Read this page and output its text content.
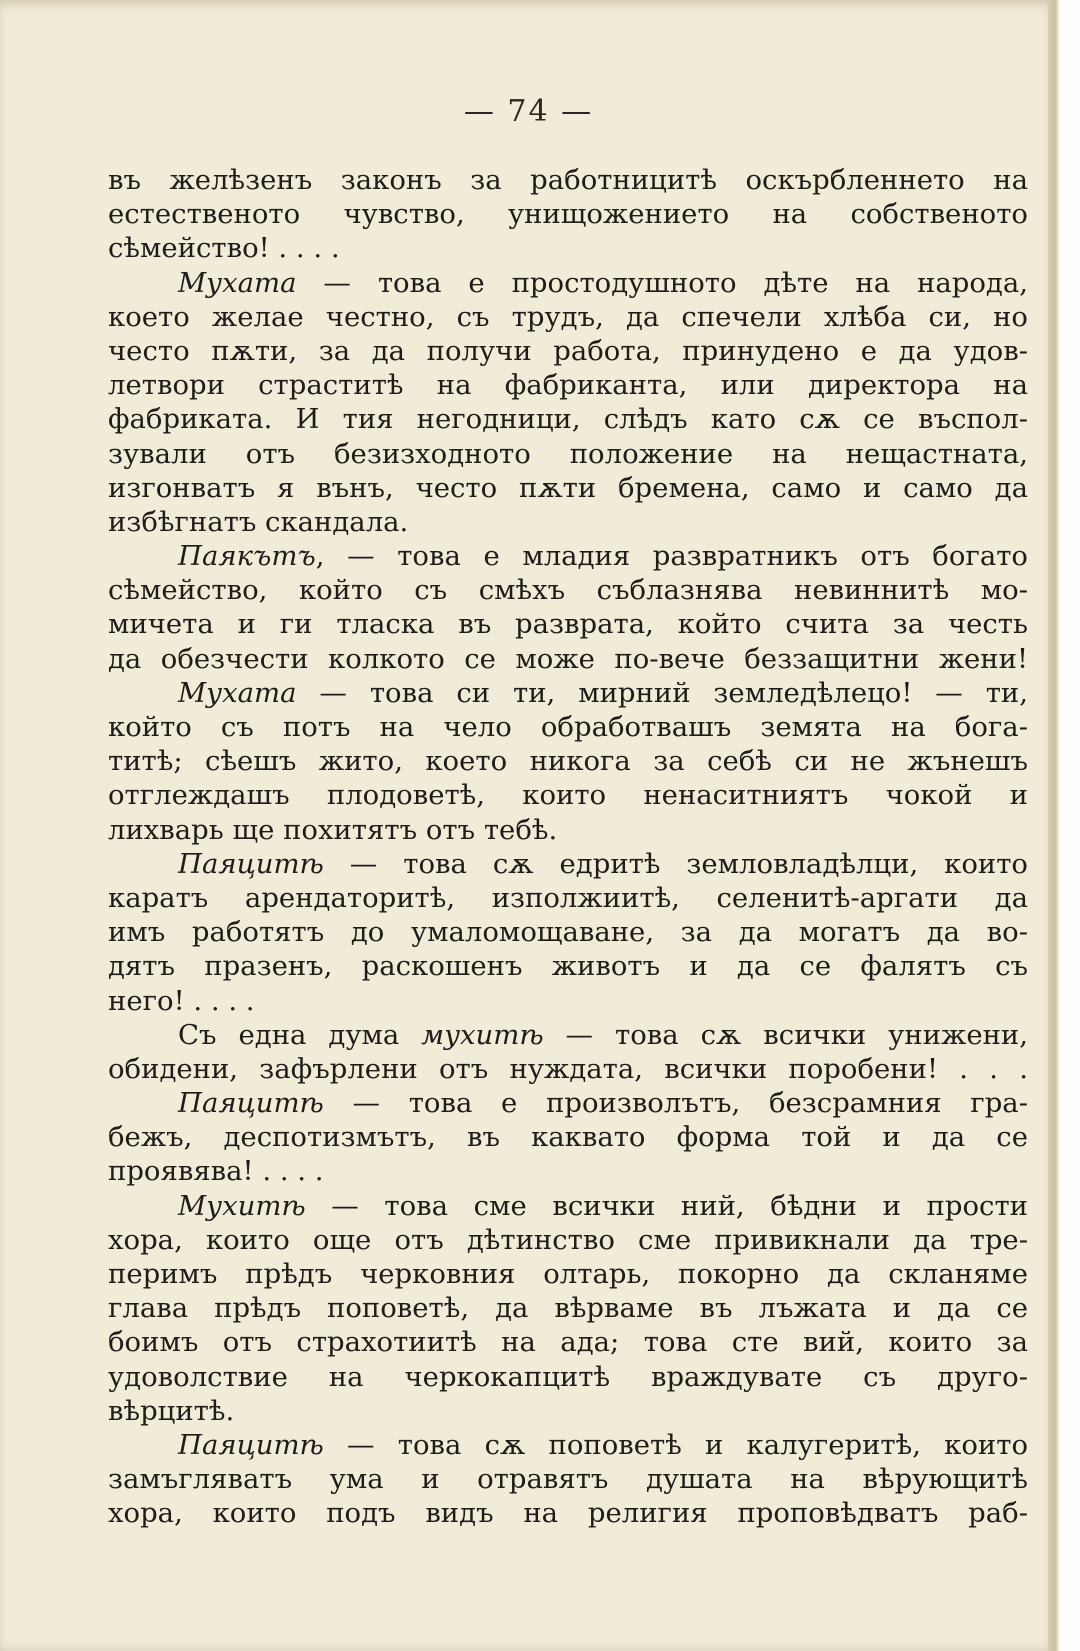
— 74 —
въ желѣзенъ законъ за работницитѣ оскърбленнето на
естественото чувство, унищожението на собственото
сѣмейство! . . . .
Мухата — това е простодушното дѣте на народа,
което желае честно, съ трудъ, да спечели хлѣба си, но
често пѫти, за да получи работа, принудено е да удов-
летвори страститѣ на фабриканта, или директора на
фабриката. И тия негодници, слѣдъ като сѫ се въспол-
зували отъ безизходното положение на нещастната,
изгонватъ я вънъ, често пѫти бремена, само и само да
избѣгнатъ скандала.
Паякътъ, — това е младия развратникъ отъ богато
сѣмейство, който съ смѣхъ съблазнява невиннитѣ мо-
мичета и ги тласка въ разврата, който счита за честь
да обезчести колкото се може по-вече беззащитни жени!
Мухата — това си ти, мирний земледѣлецо! — ти,
който съ потъ на чело обработвашъ земята на бога-
титѣ; сѣешъ жито, което никога за себѣ си не жънешъ
отглеждашъ плодоветѣ, които ненаситниятъ чокой и
лихварь ще похитятъ отъ тебѣ.
Паяцитѣ — това сѫ едритѣ земловладѣлци, които
каратъ арендаторитѣ, изполжиитѣ, селенитѣ-аргати да
имъ работятъ до умаломощаване, за да могатъ да во-
дятъ празенъ, раскошенъ животъ и да се фалятъ съ
него! . . . .
Съ една дума мухитѣ — това сѫ всички унижени,
обидени, зафърлени отъ нуждата, всички поробени! . . .
Паяцитѣ — това е произволътъ, безсрамния гра-
бежъ, деспотизмътъ, въ каквато форма той и да се
проявява! . . . .
Мухитѣ — това сме всички ний, бѣдни и прости
хора, които още отъ дѣтинство сме привикнали да тре-
перимъ прѣдъ черковния олтарь, покорно да скланяме
глава прѣдъ поповетѣ, да вѣрваме въ лъжата и да се
боимъ отъ страхотиитѣ на ада; това сте вий, които за
удоволствие на черкокапцитѣ враждувате съ друго-
вѣрцитѣ.
Паяцитѣ — това сѫ поповетѣ и калугеритѣ, които
замъгляватъ ума и отравятъ душата на вѣрующитѣ
хора, които подъ видъ на религия проповѣдватъ раб-
